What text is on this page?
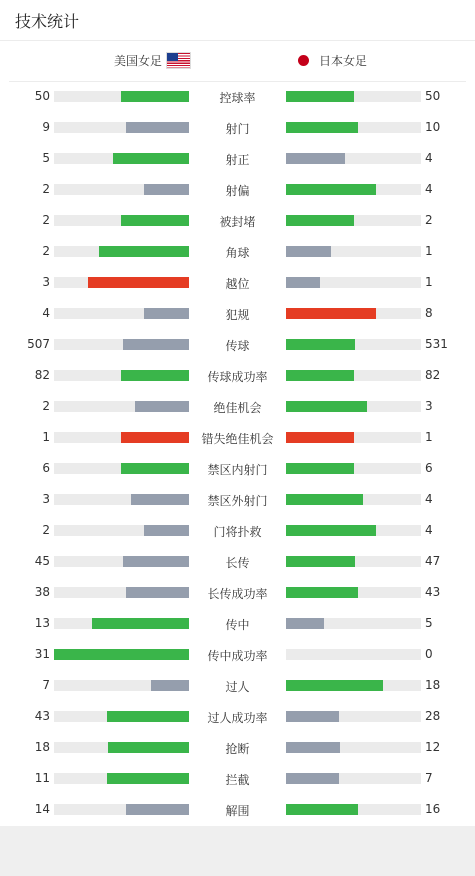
技术统计
美国女足	日本女足
50	控球率	50
9	射门	10
5	射正	4
2	射偏	4
2	被封堵	2
2	角球	1
3	越位	1
4	犯规	8
507	传球	531
82	传球成功率	82
2	绝佳机会	3
1	错失绝佳机会	1
6	禁区内射门	6
3	禁区外射门	4
2	门将扑救	4
45	长传	47
38	长传成功率	43
13	传中	5
31	传中成功率	0
7	过人	18
43	过人成功率	28
18	抢断	12
11	拦截	7
14	解围	16
